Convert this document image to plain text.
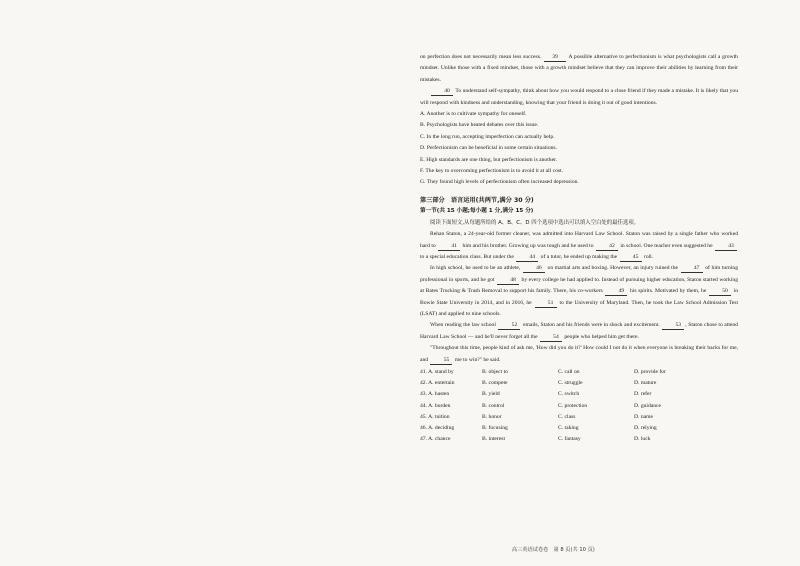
on perfection does not necessarily mean less success. 39 A possible alternative to perfectionism is what psychologists call a growth mindset. Unlike those with a fixed mindset, those with a growth mindset believe that they can improve their abilities by learning from their mistakes.

40 To understand self-sympathy, think about how you would respond to a close friend if they made a mistake. It is likely that you will respond with kindness and understanding, knowing that your friend is doing it out of good intentions.

A. Another is to cultivate sympathy for oneself.

B. Psychologists have heated debates over this issue.

C. In the long run, accepting imperfection can actually help.

D. Perfectionism can be beneficial in some certain situations.

E. High standards are one thing, but perfectionism is another.

F. The key to overcoming perfectionism is to avoid it at all cost.

G. They found high levels of perfectionism often increased depression.

第三部分　语言运用(共两节,满分 30 分)

第一节(共 15 小题;每小题 1 分,满分 15 分)

阅读下面短文,从每题所给的 A、B、C、D 四个选项中选出可以填入空白处的最佳选项。

Rehan Staton, a 24-year-old former cleaner, was admitted into Harvard Law School. Staton was raised by a single father who worked hard to	41 him and his brother. Growing up was tough and he used to	42 in school. One teacher even suggested he	43 to a special education class. But under the	44 of a tutor, he ended up making the	45 roll.

In high school, he used to be an athlete,	46 on martial arts and boxing. However, an injury ruined the	47 of him turning professional in sports, and he got	48 by every college he had applied to. Instead of pursuing higher education, Staton started working at Bates Trucking & Trash Removal to support his family. There, his co-workers	49 his spirits. Motivated by them, he	50 in Bowie State University in 2014, and in 2016, he	51 to the University of Maryland. Then, he took the Law School Admission Test (LSAT) and applied to nine schools.

When reading the law school	52 emails, Staton and his friends were in shock and excitement.	53 , Staton chose to attend Harvard Law School — and he'll never forget all the	54 people who helped him get there.

"Throughout this time, people kind of ask me, 'How did you do it?' How could I not do it when everyone is breaking their backs for me, and	55 me to win?" he said.

41. A. stand by	B. object to	C. call on	D. provide for
42. A. entertain	B. compete	C. struggle	D. mature
43. A. hasten	B. yield	C. switch	D. refer
44. A. burden	B. control	C. protection	D. guidance
45. A. tuition	B. honor	C. class	D. name
46. A. deciding	B. focusing	C. taking	D. relying
47. A. chance	B. interest	C. fantasy	D. luck
高三英语试卷卷　第 8 页(共 10 页)
